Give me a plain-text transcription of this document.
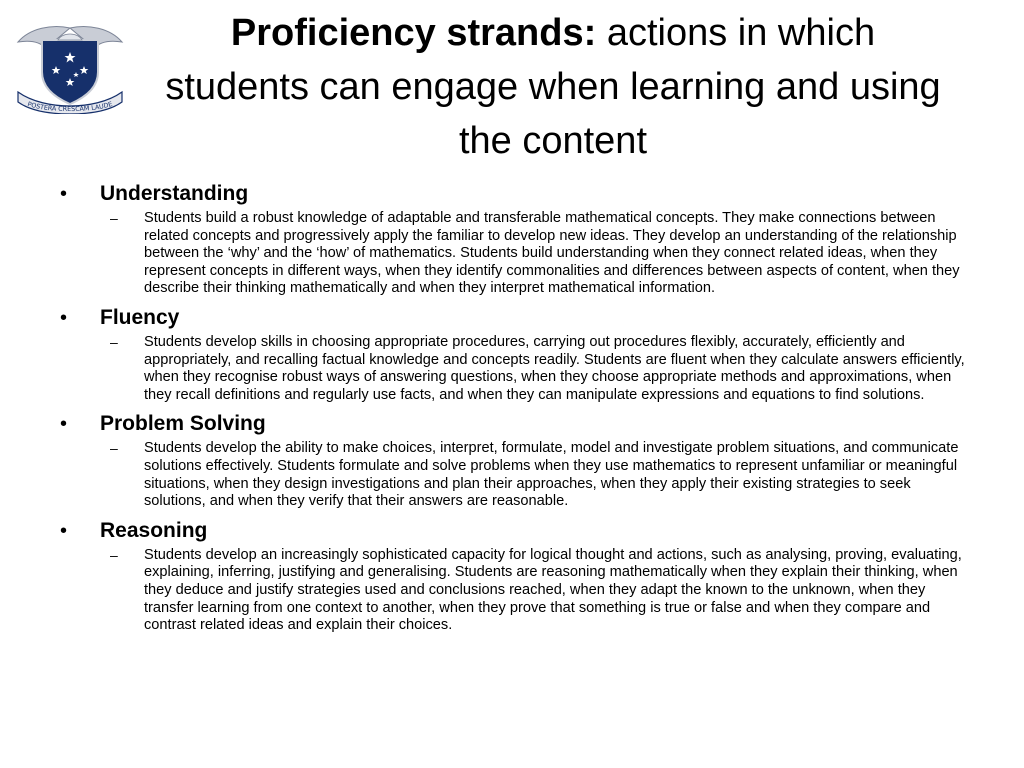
POSTERA CRESCAM LAUDE
Proficiency strands: actions in which students can engage when learning and using the content
•	Understanding
–	Students build a robust knowledge of adaptable and transferable mathematical concepts. They make connections between related concepts and progressively apply the familiar to develop new ideas. They develop an understanding of the relationship between the ‘why’ and the ‘how’ of mathematics. Students build understanding when they connect related ideas, when they represent concepts in different ways, when they identify commonalities and differences between aspects of content, when they describe their thinking mathematically and when they interpret mathematical information.
•	Fluency
–	Students develop skills in choosing appropriate procedures, carrying out procedures flexibly, accurately, efficiently and appropriately, and recalling factual knowledge and concepts readily. Students are fluent when they calculate answers efficiently, when they recognise robust ways of answering questions, when they choose appropriate methods and approximations, when they recall definitions and regularly use facts, and when they can manipulate expressions and equations to find solutions.
•	Problem Solving
–	Students develop the ability to make choices, interpret, formulate, model and investigate problem situations, and communicate solutions effectively. Students formulate and solve problems when they use mathematics to represent unfamiliar or meaningful situations, when they design investigations and plan their approaches, when they apply their existing strategies to seek solutions, and when they verify that their answers are reasonable.
•	Reasoning
–	Students develop an increasingly sophisticated capacity for logical thought and actions, such as analysing, proving, evaluating, explaining, inferring, justifying and generalising. Students are reasoning mathematically when they explain their thinking, when they deduce and justify strategies used and conclusions reached, when they adapt the known to the unknown, when they transfer learning from one context to another, when they prove that something is true or false and when they compare and contrast related ideas and explain their choices.
